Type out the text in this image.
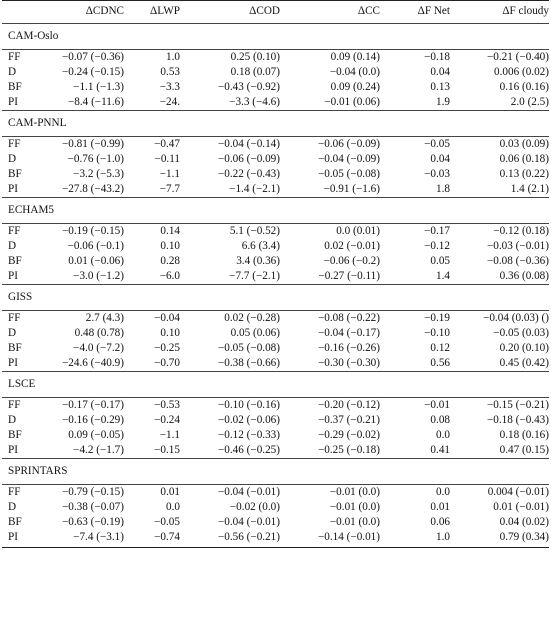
	ΔCDNC	ΔLWP	ΔCOD	ΔCC	ΔF Net	ΔF cloudy
CAM-Oslo						
FF	−0.07 (−0.36)	1.0	0.25 (0.10)	0.09 (0.14)	−0.18	−0.21 (−0.40)
D	−0.24 (−0.15)	0.53	0.18 (0.07)	−0.04 (0.0)	0.04	0.006 (0.02)
BF	−1.1 (−1.3)	−3.3	−0.43 (−0.92)	0.09 (0.24)	0.13	0.16 (0.16)
PI	−8.4 (−11.6)	−24.	−3.3 (−4.6)	−0.01 (0.06)	1.9	2.0 (2.5)
CAM-PNNL						
FF	−0.81 (−0.99)	−0.47	−0.04 (−0.14)	−0.06 (−0.09)	−0.05	0.03 (0.09)
D	−0.76 (−1.0)	−0.11	−0.06 (−0.09)	−0.04 (−0.09)	0.04	0.06 (0.18)
BF	−3.2 (−5.3)	−1.1	−0.22 (−0.43)	−0.05 (−0.08)	−0.03	0.13 (0.22)
PI	−27.8 (−43.2)	−7.7	−1.4 (−2.1)	−0.91 (−1.6)	1.8	1.4 (2.1)
ECHAM5						
FF	−0.19 (−0.15)	0.14	5.1 (−0.52)	0.0 (0.01)	−0.17	−0.12 (0.18)
D	−0.06 (−0.1)	0.10	6.6 (3.4)	0.02 (−0.01)	−0.12	−0.03 (−0.01)
BF	0.01 (−0.06)	0.28	3.4 (0.36)	−0.06 (−0.2)	0.05	−0.08 (−0.36)
PI	−3.0 (−1.2)	−6.0	−7.7 (−2.1)	−0.27 (−0.11)	1.4	0.36 (0.08)
GISS						
FF	2.7 (4.3)	−0.04	0.02 (−0.28)	−0.08 (−0.22)	−0.19	−0.04 (0.03) ()
D	0.48 (0.78)	0.10	0.05 (0.06)	−0.04 (−0.17)	−0.10	−0.05 (0.03)
BF	−4.0 (−7.2)	−0.25	−0.05 (−0.08)	−0.16 (−0.26)	0.12	0.20 (0.10)
PI	−24.6 (−40.9)	−0.70	−0.38 (−0.66)	−0.30 (−0.30)	0.56	0.45 (0.42)
LSCE						
FF	−0.17 (−0.17)	−0.53	−0.10 (−0.16)	−0.20 (−0.12)	−0.01	−0.15 (−0.21)
D	−0.16 (−0.29)	−0.24	−0.02 (−0.06)	−0.37 (−0.21)	0.08	−0.18 (−0.43)
BF	0.09 (−0.05)	−1.1	−0.12 (−0.33)	−0.29 (−0.02)	0.0	0.18 (0.16)
PI	−4.2 (−1.7)	−0.15	−0.46 (−0.25)	−0.25 (−0.18)	0.41	0.47 (0.15)
SPRINTARS						
FF	−0.79 (−0.15)	0.01	−0.04 (−0.01)	−0.01 (0.0)	0.0	0.004 (−0.01)
D	−0.38 (−0.07)	0.0	−0.02 (0.0)	−0.01 (0.0)	0.01	0.01 (−0.01)
BF	−0.63 (−0.19)	−0.05	−0.04 (−0.01)	−0.01 (0.0)	0.06	0.04 (0.02)
PI	−7.4 (−3.1)	−0.74	−0.56 (−0.21)	−0.14 (−0.01)	1.0	0.79 (0.34)
